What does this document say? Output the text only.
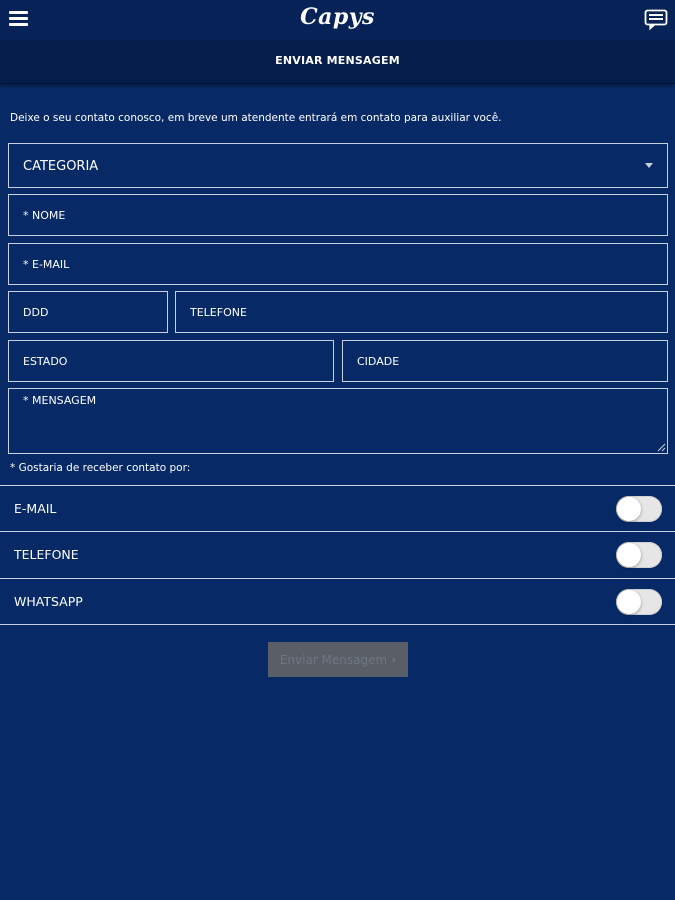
Capys
ENVIAR MENSAGEM
Deixe o seu contato conosco, em breve um atendente entrará em contato para auxiliar você.
CATEGORIA
* NOME
* E-MAIL
DDD
TELEFONE
ESTADO
CIDADE
* MENSAGEM
* Gostaria de receber contato por:
E-MAIL
TELEFONE
WHATSAPP
Enviar Mensagem ›
